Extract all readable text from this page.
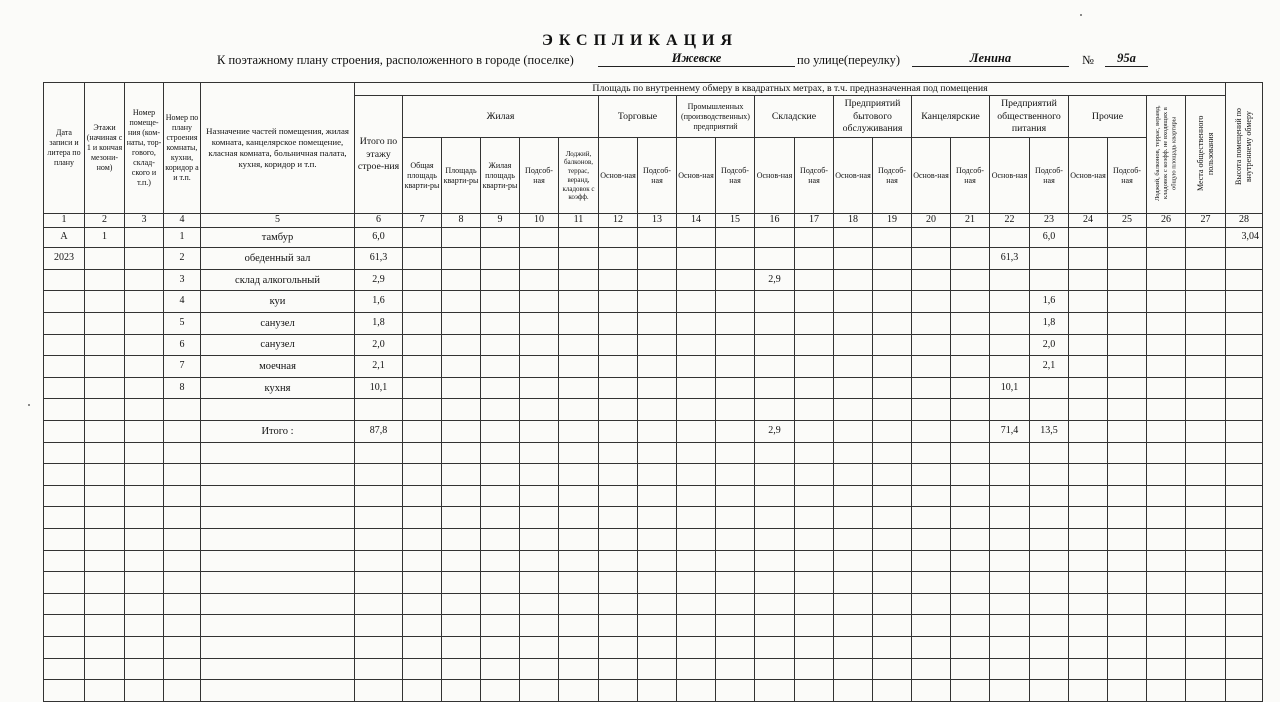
ЭКСПЛИКАЦИЯ
К поэтажному плану строения, расположенного в городе (поселке)	Ижевске	по улице(переулку)	Ленина	№	95а
Дата записи и литера по плану	Этажи (начиная с 1 и кончая мезони-ном)	Номер помеще-ния (ком-наты, тор-гового, склад-ского и т.п.)	Номер по плану строения комнаты, кухни, коридор а и т.п.	Назначение частей помещения, жилая комната, канцелярское помещение, класная комната, больничная палата, кухня, коридор и т.п.	Площадь по внутреннему обмеру в квадратных метрах, в т.ч. предназначенная под помещения																						Высота помещений по внутреннему обмеру
					Итого по этажу строе-ния	Жилая					Торговые		Промышленных (производственных) предприятий		Складские		Предприятий бытового обслуживания		Канцелярские		Предприятий общественного питания		Прочие		Лоджий, балконов, террас, веранд, кладовок с коэфф. не входящих в общую площадь квартиры	Места общественного пользования	
						Общая площадь кварти-ры	Площадь кварти-ры	Жилая площадь кварти-ры	Подсоб-ная	Лоджий, балконов, террас, веранд, кладовок с коэфф.	Основ-ная	Подсоб-ная	Основ-ная	Подсоб-ная	Основ-ная	Подсоб-ная	Основ-ная	Подсоб-ная	Основ-ная	Подсоб-ная	Основ-ная	Подсоб-ная	Основ-ная	Подсоб-ная			
1	2	3	4	5	6	7	8	9	10	11	12	13	14	15	16	17	18	19	20	21	22	23	24	25	26	27	28
А	1		1	тамбур	6,0																	6,0					3,04
2023			2	обеденный зал	61,3																61,3						
			3	склад алкогольный	2,9										2,9												
			4	куи	1,6																	1,6					
			5	санузел	1,8																	1,8					
			6	санузел	2,0																	2,0					
			7	моечная	2,1																	2,1					
			8	кухня	10,1																10,1						

				Итого :	87,8										2,9						71,4	13,5					
